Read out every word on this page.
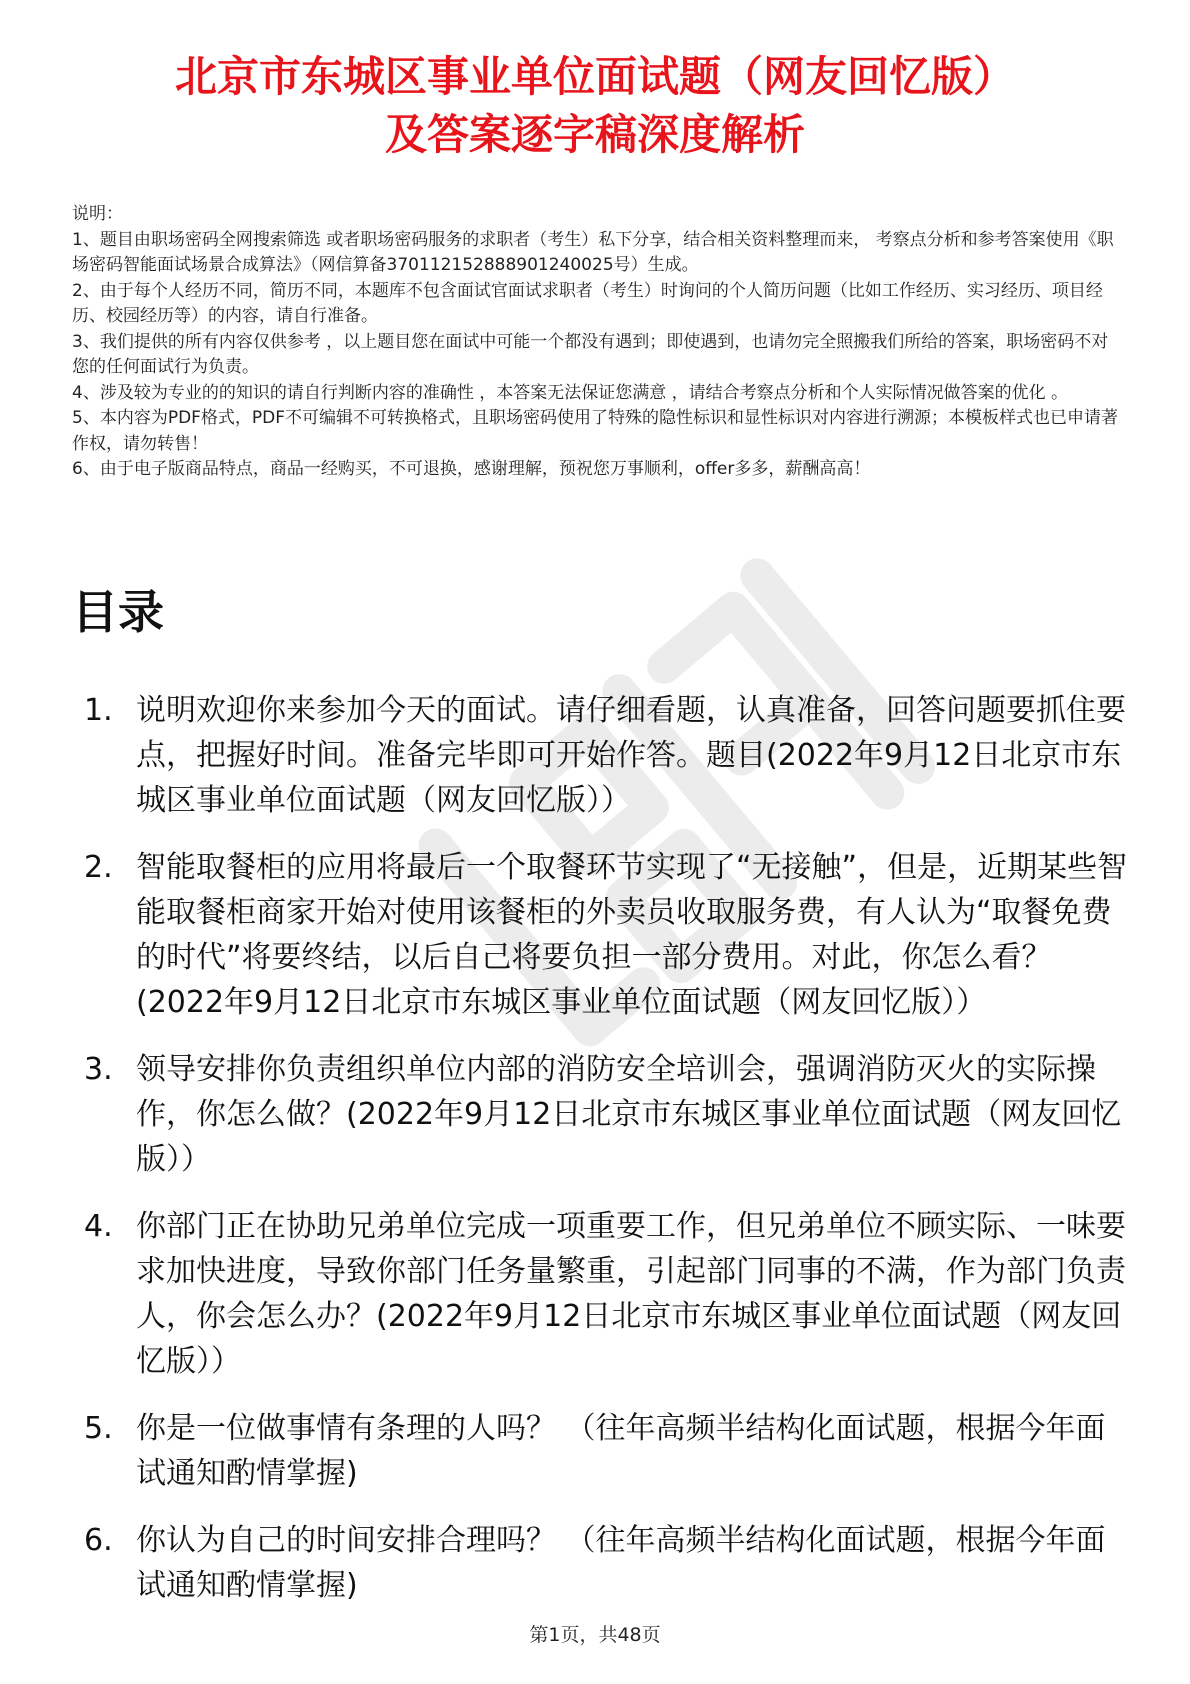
北京市东城区事业单位面试题（网友回忆版）
及答案逐字稿深度解析

说明：

1、题目由职场密码全网搜索筛选 或者职场密码服务的求职者（考生）私下分享，结合相关资料整理而来， 考察点分析和参考答案使用《职场密码智能面试场景合成算法》（网信算备370112152888901240025号）生成。

2、由于每个人经历不同，简历不同，本题库不包含面试官面试求职者（考生）时询问的个人简历问题（比如工作经历、实习经历、项目经历、校园经历等）的内容，请自行准备。

3、我们提供的所有内容仅供参考 ，以上题目您在面试中可能一个都没有遇到；即使遇到，也请勿完全照搬我们所给的答案，职场密码不对您的任何面试行为负责。

4、涉及较为专业的的知识的请自行判断内容的准确性 ，本答案无法保证您满意 ，请结合考察点分析和个人实际情况做答案的优化 。

5、本内容为PDF格式，PDF不可编辑不可转换格式，且职场密码使用了特殊的隐性标识和显性标识对内容进行溯源；本模板样式也已申请著作权，请勿转售！

6、由于电子版商品特点，商品一经购买，不可退换，感谢理解，预祝您万事顺利，offer多多，薪酬高高！

目录
1. 说明欢迎你来参加今天的面试。请仔细看题，认真准备，回答问题要抓住要点，把握好时间。准备完毕即可开始作答。题目(2022年9月12日北京市东城区事业单位面试题（网友回忆版））
2. 智能取餐柜的应用将最后一个取餐环节实现了“无接触”，但是，近期某些智能取餐柜商家开始对使用该餐柜的外卖员收取服务费，有人认为“取餐免费的时代”将要终结，以后自己将要负担一部分费用。对此，你怎么看？(2022年9月12日北京市东城区事业单位面试题（网友回忆版））
3. 领导安排你负责组织单位内部的消防安全培训会，强调消防灭火的实际操作，你怎么做？(2022年9月12日北京市东城区事业单位面试题（网友回忆版））
4. 你部门正在协助兄弟单位完成一项重要工作，但兄弟单位不顾实际、一味要求加快进度，导致你部门任务量繁重，引起部门同事的不满，作为部门负责人，你会怎么办？(2022年9月12日北京市东城区事业单位面试题（网友回忆版））
5. 你是一位做事情有条理的人吗？ （往年高频半结构化面试题，根据今年面试通知酌情掌握)
6. 你认为自己的时间安排合理吗？ （往年高频半结构化面试题，根据今年面试通知酌情掌握)
第1页，共48页
